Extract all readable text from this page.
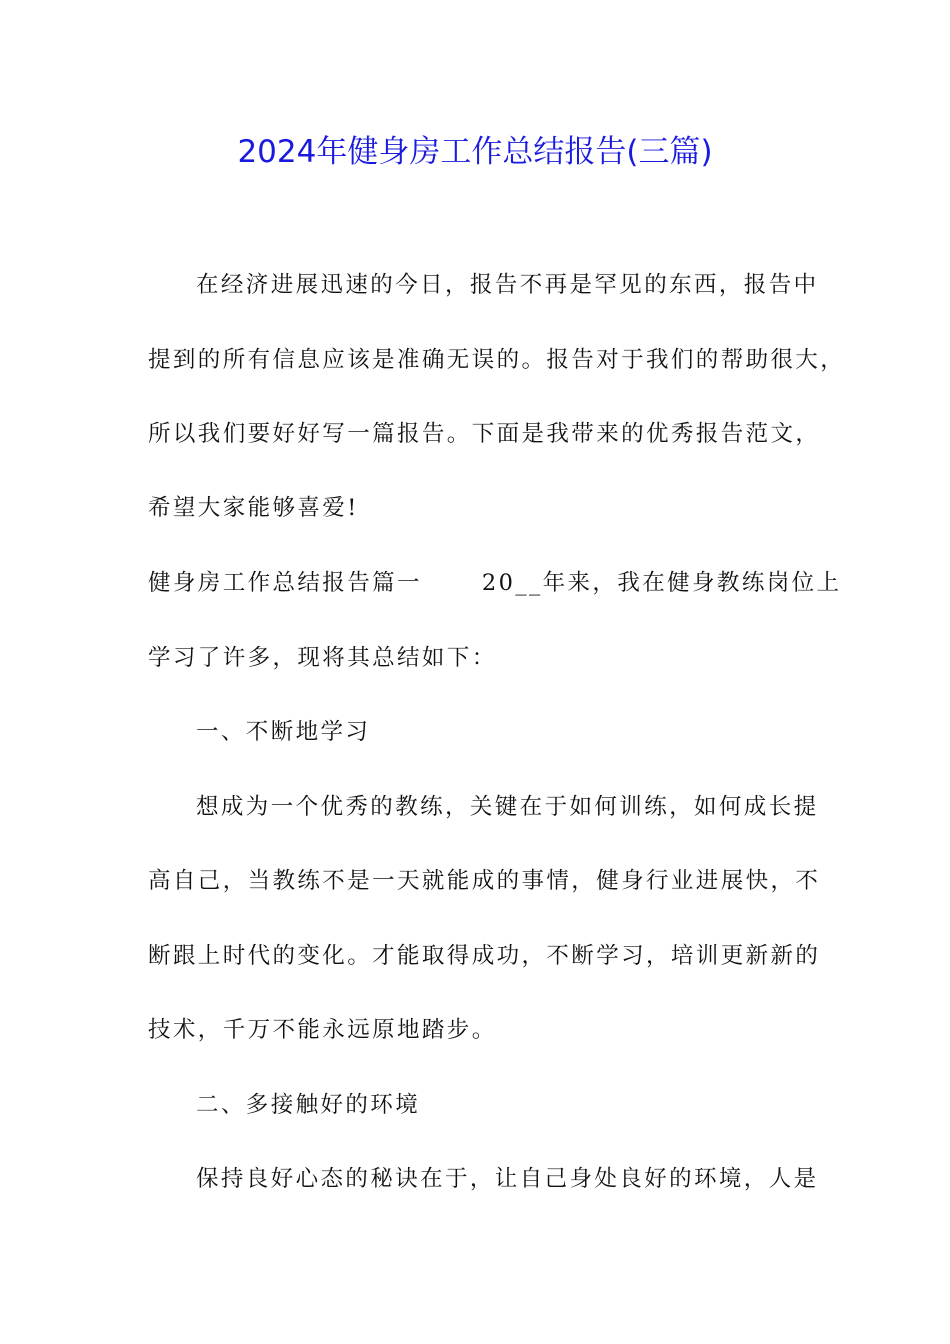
2024年健身房工作总结报告(三篇)
在经济进展迅速的今日，报告不再是罕见的东西，报告中
提到的所有信息应该是准确无误的。报告对于我们的帮助很大，
所以我们要好好写一篇报告。下面是我带来的优秀报告范文，
希望大家能够喜爱!
健身房工作总结报告篇一	20__年来，我在健身教练岗位上
学习了许多，现将其总结如下：
一、不断地学习
想成为一个优秀的教练，关键在于如何训练，如何成长提
高自己，当教练不是一天就能成的事情，健身行业进展快，不
断跟上时代的变化。才能取得成功，不断学习，培训更新新的
技术，千万不能永远原地踏步。
二、多接触好的环境
保持良好心态的秘诀在于，让自己身处良好的环境，人是
